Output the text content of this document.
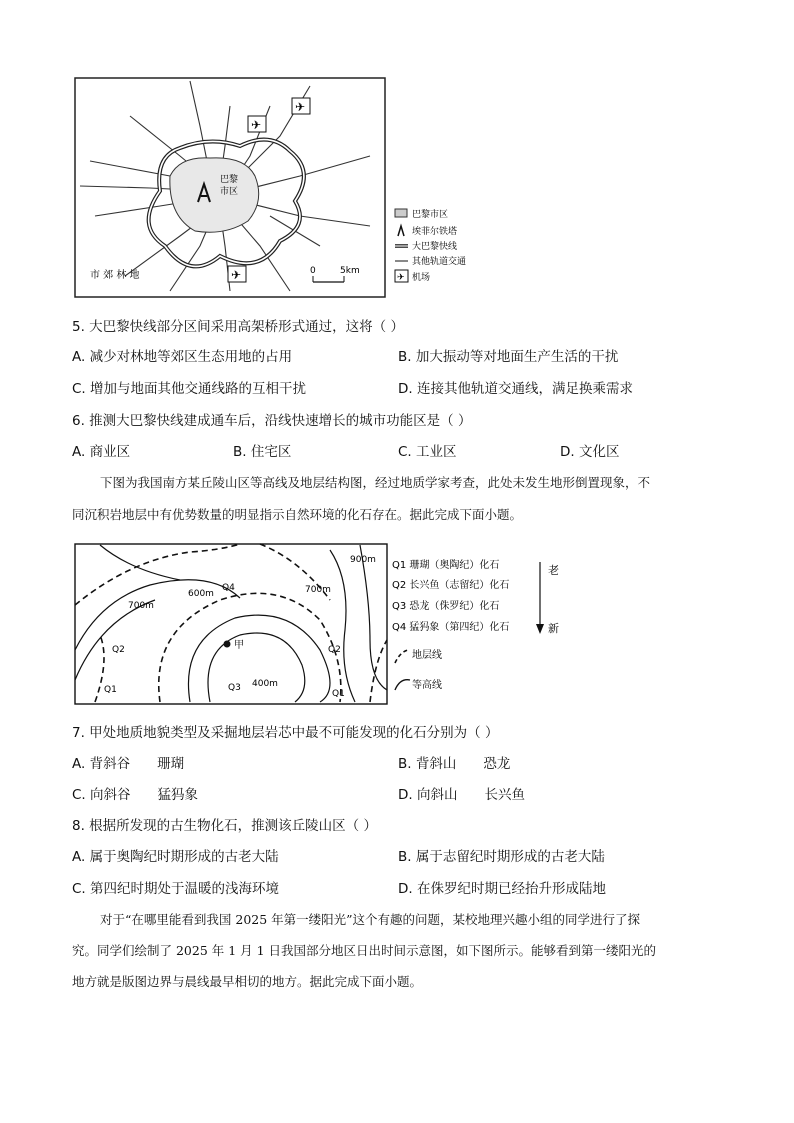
巴黎
市区
✈
✈
✈
市 郊 林 地	0	5km
巴黎市区
埃菲尔铁塔
大巴黎快线
其他轨道交通
✈ 机场
5. 大巴黎快线部分区间采用高架桥形式通过，这将（ ）
A. 减少对林地等郊区生态用地的占用	B. 加大振动等对地面生产生活的干扰
C. 增加与地面其他交通线路的互相干扰	D. 连接其他轨道交通线，满足换乘需求
6. 推测大巴黎快线建成通车后，沿线快速增长的城市功能区是（ ）
A. 商业区	B. 住宅区	C. 工业区	D. 文化区
下图为我国南方某丘陵山区等高线及地层结构图，经过地质学家考查，此处未发生地形倒置现象，不
同沉积岩地层中有优势数量的明显指示自然环境的化石存在。据此完成下面小题。
900m
600m
700m
700m
400m
甲
Q4
Q2
Q3
Q2
Q1	Q1
Q1 珊瑚（奥陶纪）化石
Q2 长兴鱼（志留纪）化石
Q3 恐龙（侏罗纪）化石
Q4 猛犸象（第四纪）化石
老
新
地层线
等高线
7. 甲处地质地貌类型及采掘地层岩芯中最不可能发现的化石分别为（ ）
A. 背斜谷　　珊瑚	B. 背斜山　　恐龙
C. 向斜谷　　猛犸象	D. 向斜山　　长兴鱼
8. 根据所发现的古生物化石，推测该丘陵山区（ ）
A. 属于奥陶纪时期形成的古老大陆	B. 属于志留纪时期形成的古老大陆
C. 第四纪时期处于温暖的浅海环境	D. 在侏罗纪时期已经抬升形成陆地
对于“在哪里能看到我国 2025 年第一缕阳光”这个有趣的问题，某校地理兴趣小组的同学进行了探
究。同学们绘制了 2025 年 1 月 1 日我国部分地区日出时间示意图，如下图所示。能够看到第一缕阳光的
地方就是版图边界与晨线最早相切的地方。据此完成下面小题。
